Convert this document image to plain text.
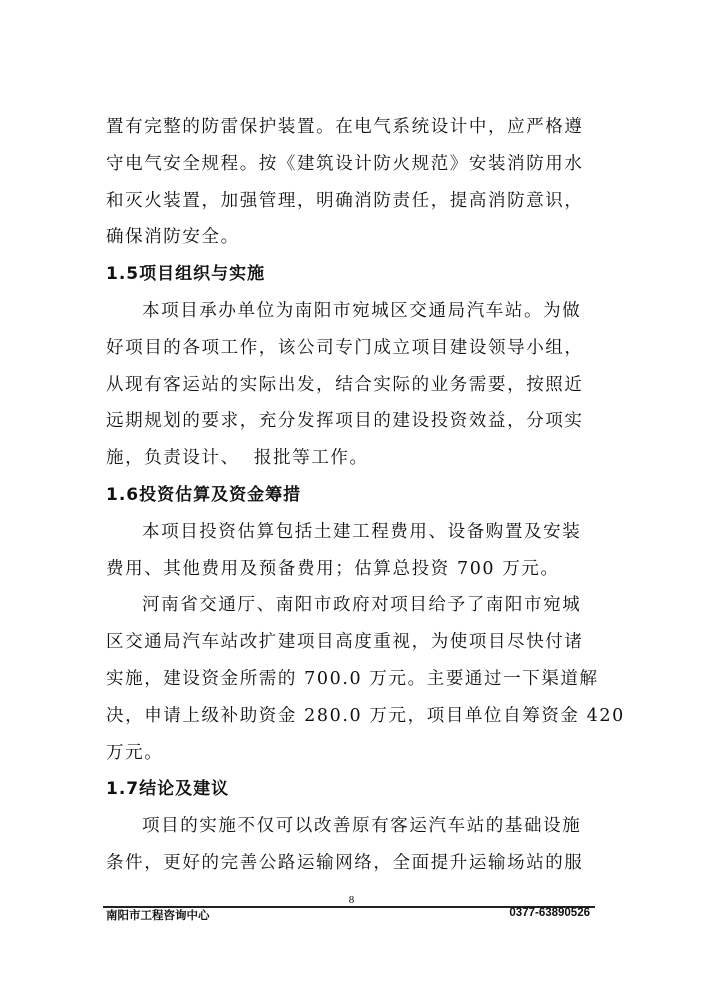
置有完整的防雷保护装置。在电气系统设计中，应严格遵
守电气安全规程。按《建筑设计防火规范》安装消防用水
和灭火装置，加强管理，明确消防责任，提高消防意识，
确保消防安全。
1.5项目组织与实施
本项目承办单位为南阳市宛城区交通局汽车站。为做
好项目的各项工作，该公司专门成立项目建设领导小组，
从现有客运站的实际出发，结合实际的业务需要，按照近
远期规划的要求，充分发挥项目的建设投资效益，分项实
施，负责设计、  报批等工作。
1.6投资估算及资金筹措
本项目投资估算包括土建工程费用、设备购置及安装
费用、其他费用及预备费用；估算总投资 700 万元。
河南省交通厅、南阳市政府对项目给予了南阳市宛城
区交通局汽车站改扩建项目高度重视，为使项目尽快付诸
实施，建设资金所需的 700.0 万元。主要通过一下渠道解
决，申请上级补助资金 280.0 万元，项目单位自筹资金 420
万元。
1.7结论及建议
项目的实施不仅可以改善原有客运汽车站的基础设施
条件，更好的完善公路运输网络，全面提升运输场站的服
8
南阳市工程咨询中心	0377-63890526
